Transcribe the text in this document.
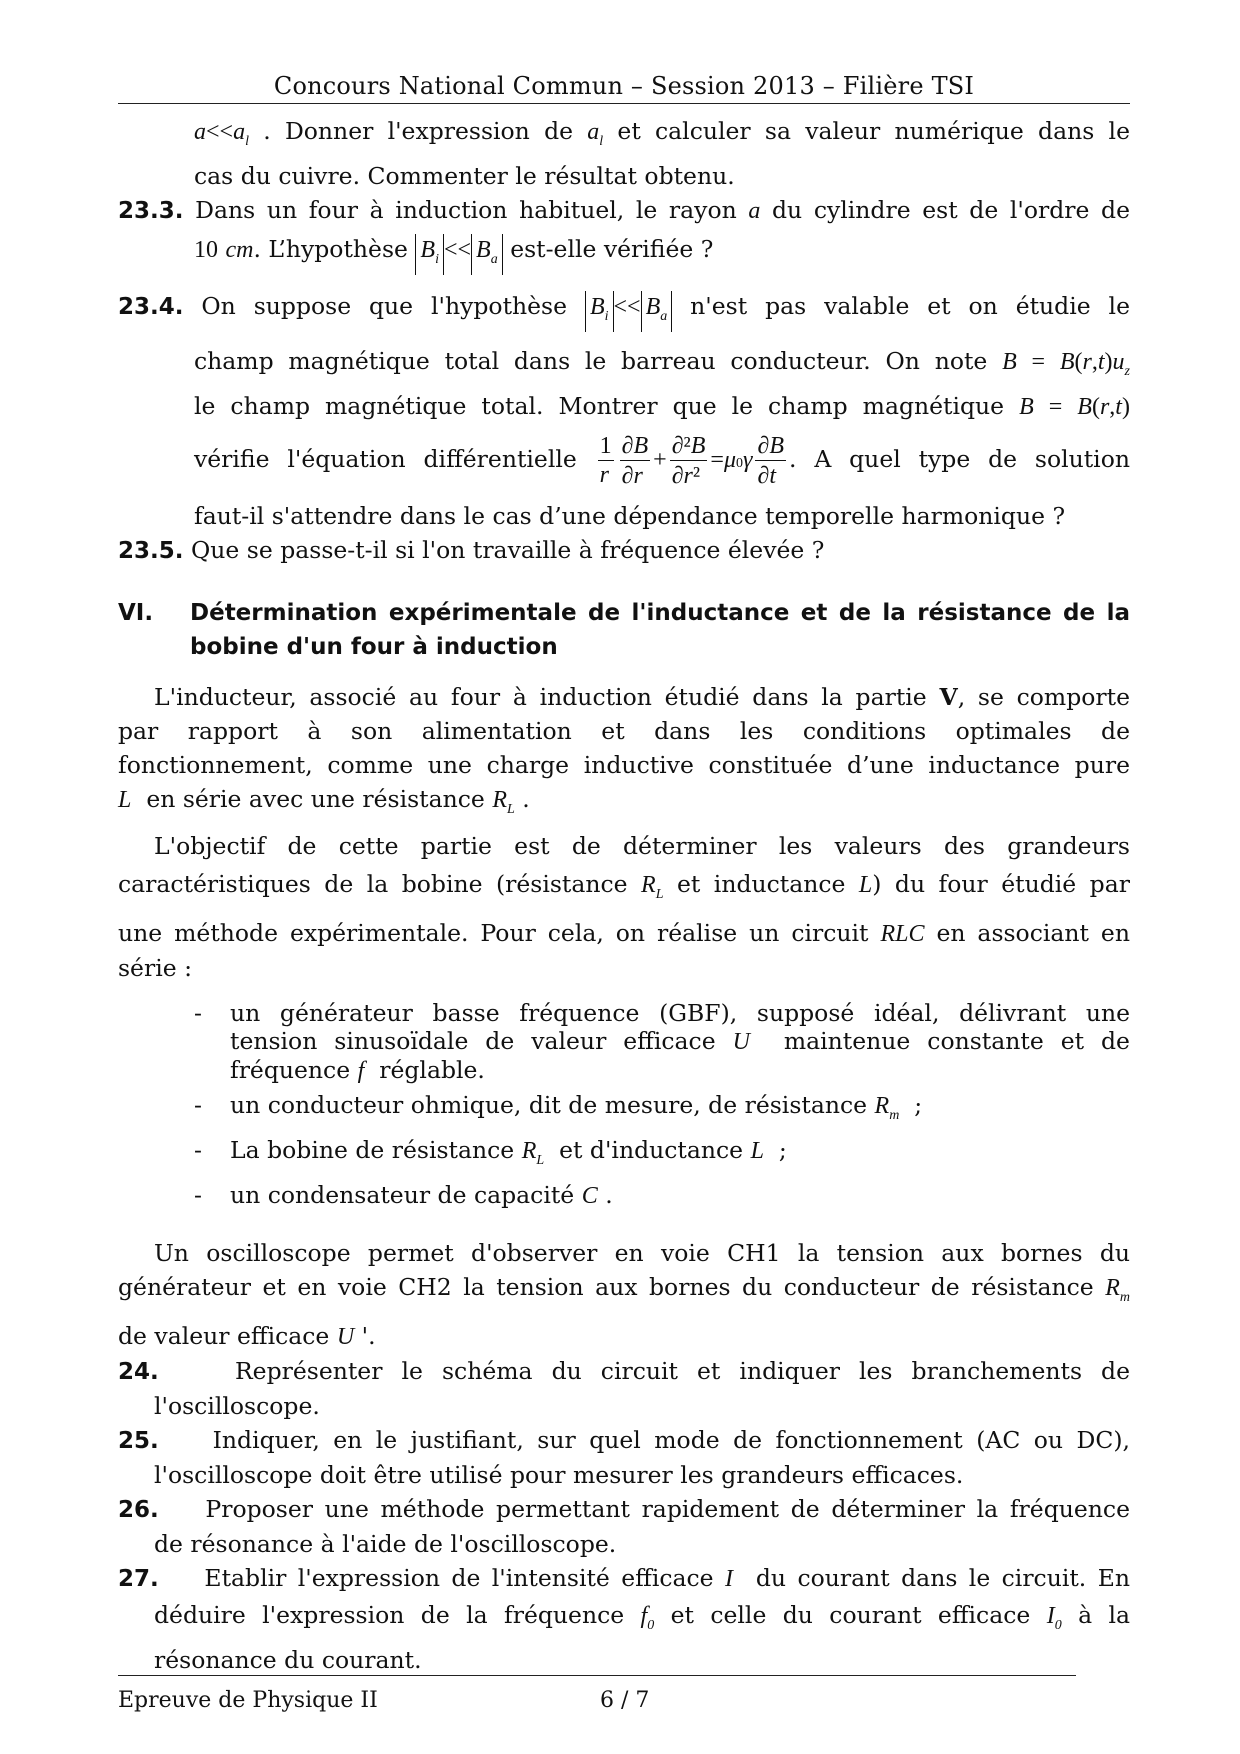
Concours National Commun – Session 2013 – Filière TSI
$a<<a_l$ . Donner l'expression de $a_l$ et calculer sa valeur numérique dans le
cas du cuivre. Commenter le résultat obtenu.
23.3. Dans un four à induction habituel, le rayon a du cylindre est de l'ordre de
10 cm. L’hypothèse $B_i << B_a$ est-elle vérifiée ?
23.4. On suppose que l'hypothèse $B_i << B_a$ n'est pas valable et on étudie le
champ magnétique total dans le barreau conducteur. On note $B = B(r,t)u_z$
le champ magnétique total. Montrer que le champ magnétique B = B(r,t)
vérifie l'équation différentielle $\frac{1}{r} \frac{\partial B}{\partial r} + \frac{\text{∂²B}}{\text{∂r²}} =\mu 0\gamma \frac{\partial B}{\partial t}$ . A quel type de solution
faut-il s'attendre dans le cas d’une dépendance temporelle harmonique ?
23.5. Que se passe-t-il si l'on travaille à fréquence élevée ?
VI. Détermination expérimentale de l'inductance et de la résistance de la
bobine d'un four à induction
L'inducteur, associé au four à induction étudié dans la partie V, se comporte
par rapport à son alimentation et dans les conditions optimales de
fonctionnement, comme une charge inductive constituée d’une inductance pure
L en série avec une résistance $R_L$ .
L'objectif de cette partie est de déterminer les valeurs des grandeurs
caractéristiques de la bobine (résistance $R_L$ et inductance L) du four étudié par
une méthode expérimentale. Pour cela, on réalise un circuit RLC en associant en
série :
- un générateur basse fréquence (GBF), supposé idéal, délivrant une
tension sinusoïdale de valeur efficace U maintenue constante et de
fréquence f réglable.
- un conducteur ohmique, dit de mesure, de résistance $R_m$  ;
- La bobine de résistance $R_L$ et d'inductance L  ;
- un condensateur de capacité C .
Un oscilloscope permet d'observer en voie CH1 la tension aux bornes du
générateur et en voie CH2 la tension aux bornes du conducteur de résistance $R_m$
de valeur efficace U '.
24.	Représenter le schéma du circuit et indiquer les branchements de
l'oscilloscope.
25. Indiquer, en le justifiant, sur quel mode de fonctionnement (AC ou DC),
l'oscilloscope doit être utilisé pour mesurer les grandeurs efficaces.
26. Proposer une méthode permettant rapidement de déterminer la fréquence
de résonance à l'aide de l'oscilloscope.
27. Etablir l'expression de l'intensité efficace I du courant dans le circuit. En
déduire l'expression de la fréquence $f_0$ et celle du courant efficace $I_0$ à la
résonance du courant.
Epreuve de Physique II	6 / 7
